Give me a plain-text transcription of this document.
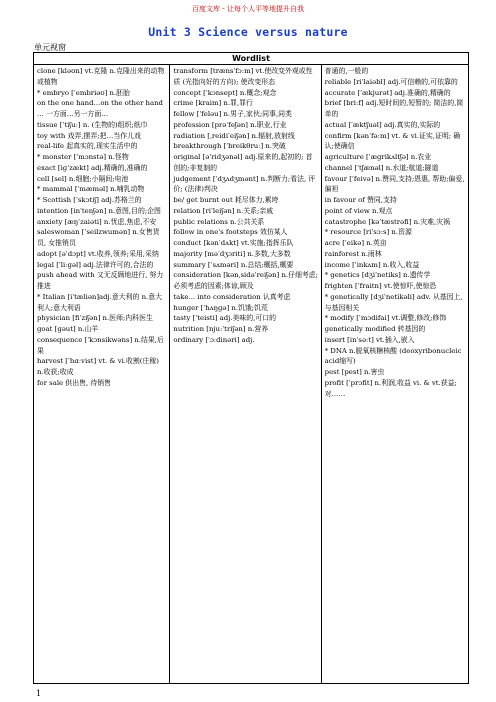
百度文库 - 让每个人平等地提升自我
Unit 3 Science versus nature
单元视窗
Wordlist
clone [kləʊn] vt.克隆 n.克隆出来的动物或植物
* embryo [ˈembriəʊ] n.胚胎
on the one hand…on the other hand … 一方面…另一方面…
tissue [ˈtiʃuː] n. (生物的)组织;纸巾
toy with 戏弄,摆弄;把…当作儿戏
real-life 起真实的,现实生活中的
* monster [ˈmɔnstə] n.怪物
exact [iɡˈzækt] adj.精确的,准确的
cell [sel] n.细胞;小隔间;电池
* mammal [ˈmæməl] n.哺乳动物
* Scottish [ˈskɔtiʃ] adj.苏格兰的
intention [inˈtenʃən] n.意图,目的;企图
anxiety [æŋˈzaiəti] n.忧虑,焦虑,不安
saleswoman [ˈseilzwumən] n.女售货员, 女推销员
adopt [əˈdɔpt] vt.收养,领养;采用,采纳
legal [ˈliːɡəl] adj.法律许可的,合法的
push ahead with 又无反顾地进行, 努力推进
* Italian [iˈtæliən]adj.意大利的 n.意大利人;意大利语
physician [fiˈziʃən] n.医师;内科医生
goat [ɡəut] n.山羊
consequence [ˈkɔnsikwəns] n.结果,后果
harvest [ˈhɑːvist] vt. & vi.收割(庄稼) n.收获;收成
for sale 供出售, 待销售
transform [trænsˈfɔːm] vt.使改变外观或性质 (光指向好的方向); 使改变形态
concept [ˈkɔnsept] n.概念;观念
crime [kraim] n.罪,罪行
fellow [ˈfeləu] n.男子,家伙;同事,同类
profession [prəˈfeʃən] n.职业,行业
radiation [ˌreidiˈeiʃən] n.辐射,放射线
breakthrough [ˈbreikθruː] n.突破
original [əˈridʒənəl] adj.原来的,起初的; 首创的;非复制的
judgement [ˈdʒʌdʒmənt] n.判断力;看法, 评价; (法律)判决
be/ get burnt out 耗尽体力,累垮
relation [riˈleiʃən] n.关系;亲戚
public relations n.公共关系
follow in one's footsteps 效仿某人
conduct [kənˈdʌkt] vt.实施;指挥乐队
majority [məˈdʒɔriti] n.多数,大多数
summary [ˈsʌməri] n.总结;概括,概要
consideration [kənˌsidəˈreiʃən] n.仔细考虑; 必须考虑的因素;体谅,顾及
take... into consideration 认真考虑
hunger [ˈhʌŋɡə] n.饥饿;饥荒
tasty [ˈteisti] adj.美味的,可口的
nutrition [njuːˈtriʃən] n.营养
ordinary [ˈɔːdinəri] adj.
普通的,一般的
reliable [riˈlaiəbl] adj.可信赖的,可依靠的
accurate [ˈækjurət] adj.准确的,精确的
brief [briːf] adj.短时间的,短暂的; 简洁的,简单的
actual [ˈæktʃuəl] adj.真实的,实际的
confirm [kənˈfəːm] vt. & vi.证实,证明; 确认;使确信
agriculture [ˈæɡrikʌltʃə] n.农业
channel [ˈtʃænəl] n.水道;航道;隧道
favour [ˈfeivə] n.赞同,支持;恩惠, 帮助;偏爱,偏袒
in favour of 赞同,支持
point of view n.观点
catastrophe [kəˈtæstrəfi] n.灾难,灾祸
* resource [riˈsɔːs] n.资源
acre [ˈeikə] n.英亩
rainforest n.雨林
income [ˈinkʌm] n.收入,收益
* genetics [dʒiˈnetiks] n.遗传学
frighten [ˈfraitn] vt.使惊吓,使惊恐
* genetically [dʒiˈnetikəli] adv. 从基因上, 与基因相关
* modify [ˈmɔdifai] vt.调整,修改;修饰
genetically modified 转基因的
insert [inˈsəːt] vt.插入,嵌入
* DNA n.脱氧核糖核酸 (deoxyribonucleic acid缩写)
pest [pest] n.害虫
profit [ˈprɔfit] n.利润,收益 vi. & vt.获益;对……
1
